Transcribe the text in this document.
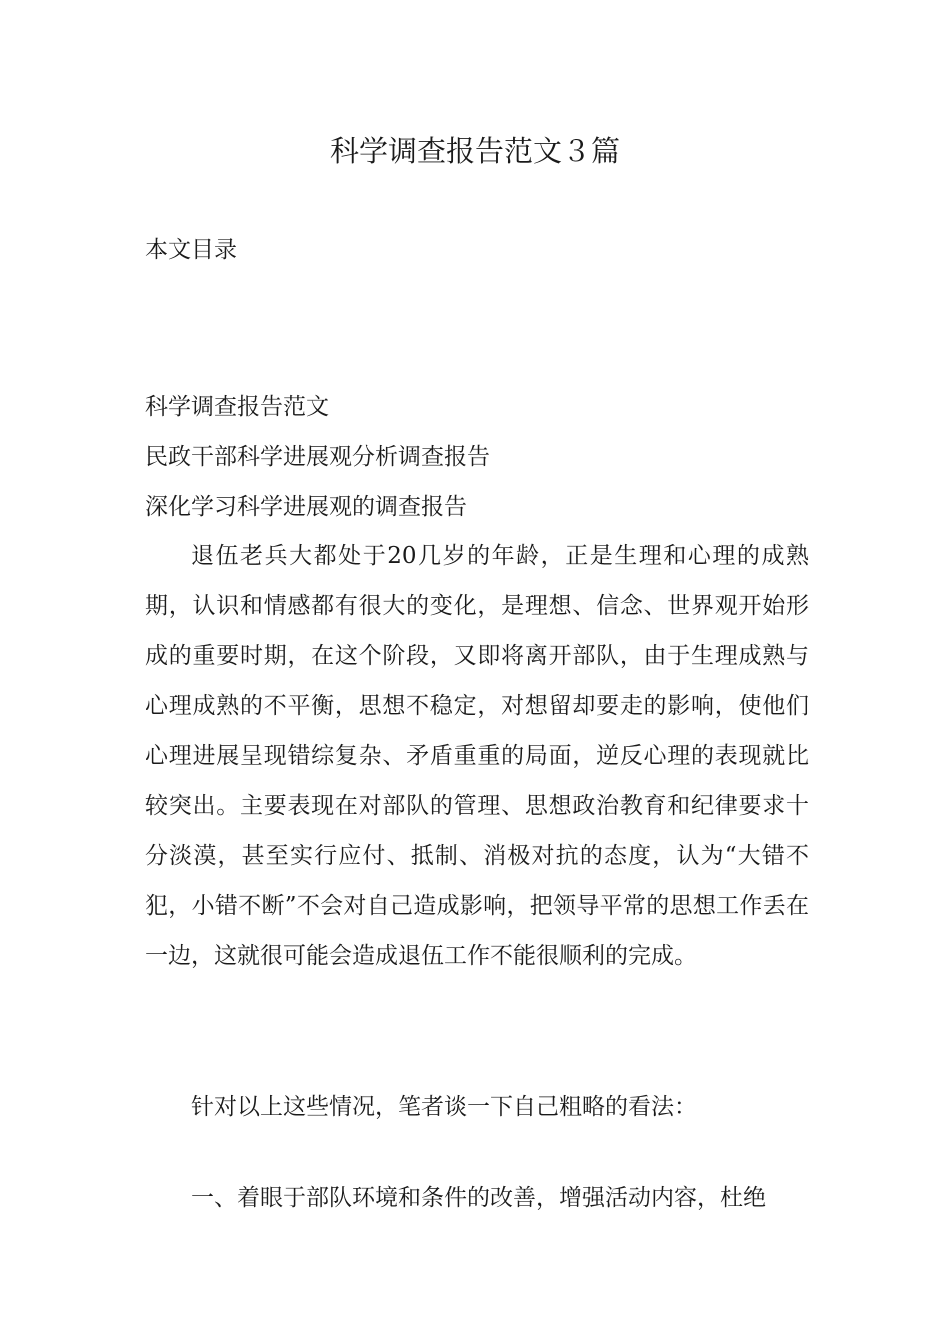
科学调查报告范文３篇

本文目录

科学调查报告范文
民政干部科学进展观分析调查报告
深化学习科学进展观的调查报告

退伍老兵大都处于20几岁的年龄，正是生理和心理的成熟期，认识和情感都有很大的变化，是理想、信念、世界观开始形成的重要时期，在这个阶段，又即将离开部队，由于生理成熟与心理成熟的不平衡，思想不稳定，对想留却要走的影响，使他们心理进展呈现错综复杂、矛盾重重的局面，逆反心理的表现就比较突出。主要表现在对部队的管理、思想政治教育和纪律要求十分淡漠，甚至实行应付、抵制、消极对抗的态度，认为“大错不犯，小错不断”不会对自己造成影响，把领导平常的思想工作丢在一边，这就很可能会造成退伍工作不能很顺利的完成。

针对以上这些情况，笔者谈一下自己粗略的看法：

一、着眼于部队环境和条件的改善，增强活动内容，杜绝
